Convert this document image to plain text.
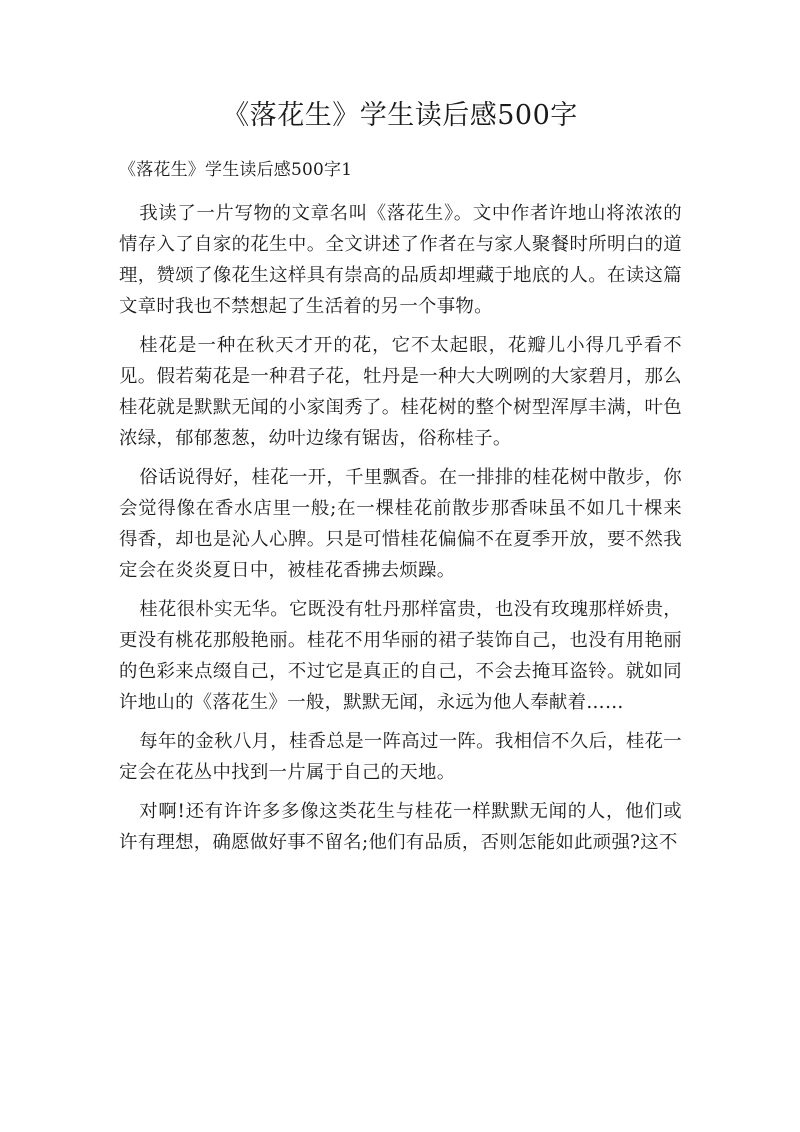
《落花生》学生读后感500字

《落花生》学生读后感500字1

我读了一片写物的文章名叫《落花生》。文中作者许地山将浓浓的情存入了自家的花生中。全文讲述了作者在与家人聚餐时所明白的道理，赞颂了像花生这样具有崇高的品质却埋藏于地底的人。在读这篇文章时我也不禁想起了生活着的另一个事物。

桂花是一种在秋天才开的花，它不太起眼，花瓣儿小得几乎看不见。假若菊花是一种君子花，牡丹是一种大大咧咧的大家碧月，那么桂花就是默默无闻的小家闺秀了。桂花树的整个树型浑厚丰满，叶色浓绿，郁郁葱葱，幼叶边缘有锯齿，俗称桂子。

俗话说得好，桂花一开，千里飘香。在一排排的桂花树中散步，你会觉得像在香水店里一般;在一棵桂花前散步那香味虽不如几十棵来得香，却也是沁人心脾。只是可惜桂花偏偏不在夏季开放，要不然我定会在炎炎夏日中，被桂花香拂去烦躁。

桂花很朴实无华。它既没有牡丹那样富贵，也没有玫瑰那样娇贵，更没有桃花那般艳丽。桂花不用华丽的裙子装饰自己，也没有用艳丽的色彩来点缀自己，不过它是真正的自己，不会去掩耳盗铃。就如同许地山的《落花生》一般，默默无闻，永远为他人奉献着……

每年的金秋八月，桂香总是一阵高过一阵。我相信不久后，桂花一定会在花丛中找到一片属于自己的天地。

对啊!还有许许多多像这类花生与桂花一样默默无闻的人，他们或许有理想，确愿做好事不留名;他们有品质，否则怎能如此顽强?这不
